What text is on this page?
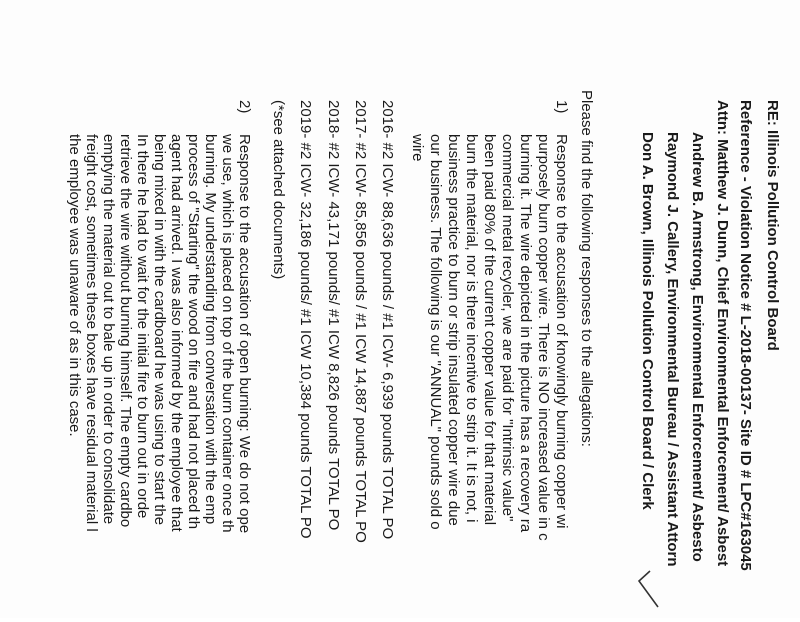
RE: Illinois Pollution Control Board
Reference - Violation Notice # L-2018-00137- Site ID # LPC#163045
Attn: Matthew J. Dunn, Chief Environmental Enforcement/ Asbest
Andrew B. Armstrong, Environmental Enforcement/ Asbesto
Raymond J. Callery, Environmental Bureau / Assistant Attorn
Don A. Brown, Illinois Pollution Control Board / Clerk
Please find the following responses to the allegations:
1)
Response to the accusation of knowingly burning copper wi
purposely burn copper wire. There is NO increased value in c
burning it. The wire depicted in the picture has a recovery ra
commercial metal recycler, we are paid for "Intrinsic value"
been paid 80% of the current copper value for that material
burn the material, nor is there incentive to strip it. It is not, i
business practice to burn or strip insulated copper wire due
our business. The following is our "ANNUAL" pounds sold o
wire
2016- #2 ICW- 88,636 pounds / #1 ICW- 6,939 pounds TOTAL PO
2017- #2 ICW- 85,856 pounds / #1 ICW 14,887 pounds TOTAL PO
2018- #2 ICW- 43,171 pounds/ #1 ICW 8,826 pounds TOTAL PO
2019- #2 ICW- 32,186 pounds/ #1 ICW 10,384 pounds TOTAL PO
(*see attached documents)
2)
Response to the accusation of open burning: We do not ope
we use, which is placed on top of the burn container once th
burning. My understanding from conversation with the emp
process of "Starting" the wood on fire and had not placed th
agent had arrived. I was also informed by the employee that
being mixed in with the cardboard he was using to start the
In there he had to wait for the initial fire to burn out in orde
retrieve the wire without burning himself. The empty cardbo
emptying the material out to bale up in order to consolidate
freight cost, sometimes these boxes have residual material l
the employee was unaware of as in this case.
